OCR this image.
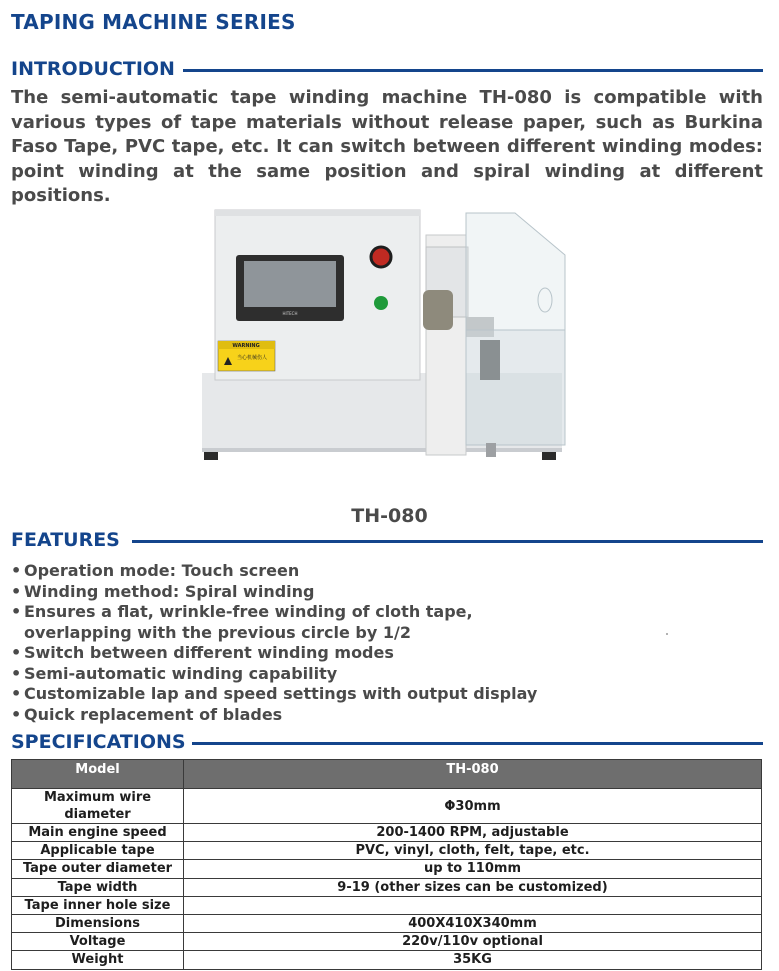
TAPING MACHINE SERIES
INTRODUCTION
The semi-automatic tape winding machine TH-080 is compatible with various types of tape materials without release paper, such as Burkina Faso Tape, PVC tape, etc. It can switch between different winding modes: point winding at the same position and spiral winding at different positions.
HITECH
WARNING
当心机械伤人
TH-080
FEATURES
• Operation mode: Touch screen
• Winding method: Spiral winding
• Ensures a flat, wrinkle-free winding of cloth tape,
overlapping with the previous circle by 1/2
• Switch between different winding modes
• Semi-automatic winding capability
• Customizable lap and speed settings with output display
• Quick replacement of blades
SPECIFICATIONS
Model	TH-080
Maximum wire diameter	Φ30mm
Main engine speed	200-1400 RPM, adjustable
Applicable tape	PVC, vinyl, cloth, felt, tape, etc.
Tape outer diameter	up to 110mm
Tape width	9-19 (other sizes can be customized)
Tape inner hole size	
Dimensions	400X410X340mm
Voltage	220v/110v optional
Weight	35KG
